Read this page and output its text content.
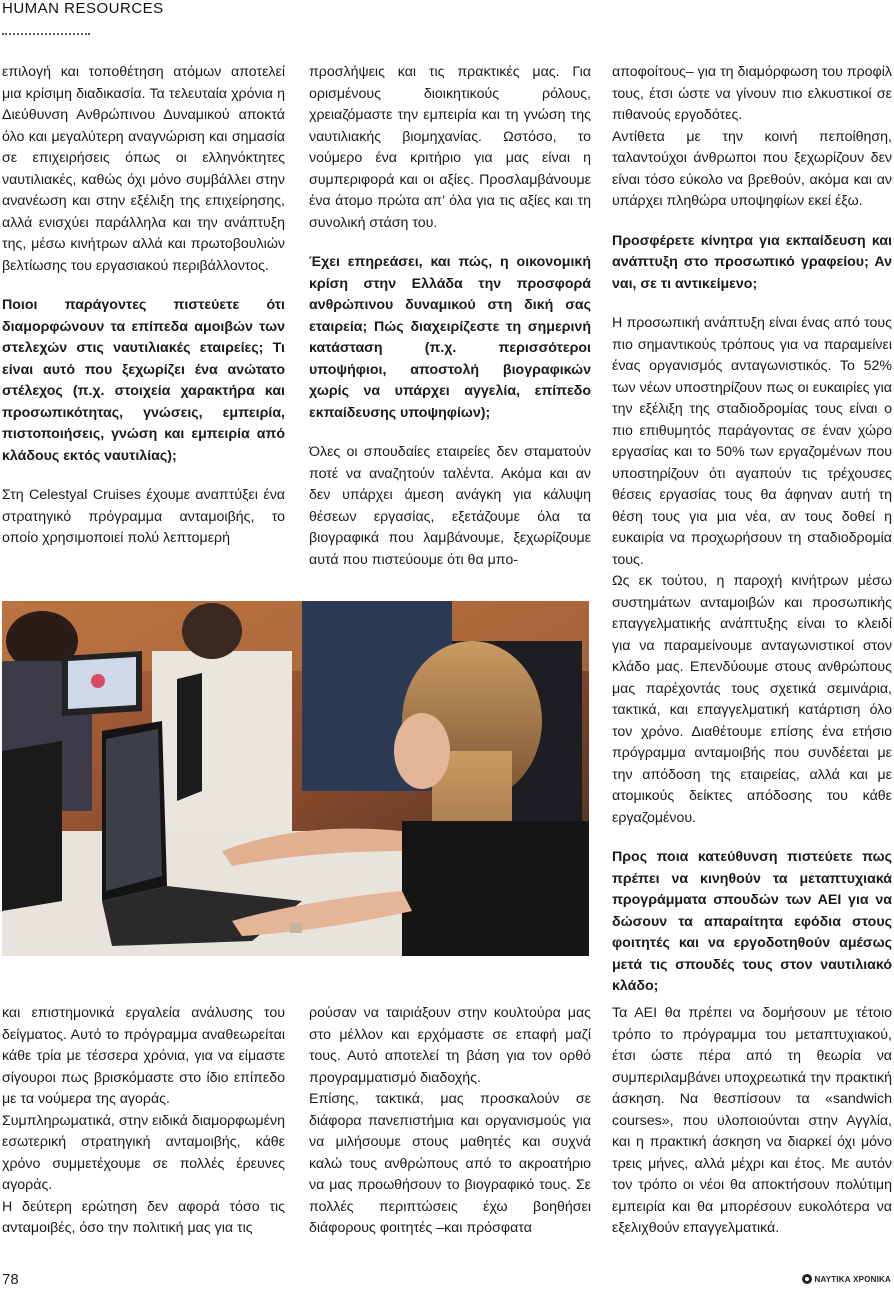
HUMAN RESOURCES

επιλογή και τοποθέτηση ατόμων αποτελεί μια κρίσιμη διαδικασία. Τα τελευταία χρόνια η Διεύθυνση Ανθρώπινου Δυναμικού αποκτά όλο και μεγαλύτερη αναγνώριση και σημασία σε επιχειρήσεις όπως οι ελληνόκτητες ναυτιλιακές, καθώς όχι μόνο συμβάλλει στην ανανέωση και στην εξέλιξη της επιχείρησης, αλλά ενισχύει παράλληλα και την ανάπτυξη της, μέσω κινήτρων αλλά και πρωτοβουλιών βελτίωσης του εργασιακού περιβάλλοντος.

Ποιοι παράγοντες πιστεύετε ότι διαμορφώνουν τα επίπεδα αμοιβών των στελεχών στις ναυτιλιακές εταιρείες; Τι είναι αυτό που ξεχωρίζει ένα ανώτατο στέλεχος (π.χ. στοιχεία χαρακτήρα και προσωπικότητας, γνώσεις, εμπειρία, πιστοποιήσεις, γνώση και εμπειρία από κλάδους εκτός ναυτιλίας);

Στη Celestyal Cruises έχουμε αναπτύξει ένα στρατηγικό πρόγραμμα ανταμοιβής, το οποίο χρησιμοποιεί πολύ λεπτομερή

προσλήψεις και τις πρακτικές μας. Για ορισμένους διοικητικούς ρόλους, χρειαζόμαστε την εμπειρία και τη γνώση της ναυτιλιακής βιομηχανίας. Ωστόσο, το νούμερο ένα κριτήριο για μας είναι η συμπεριφορά και οι αξίες. Προσλαμβάνουμε ένα άτομο πρώτα απ’ όλα για τις αξίες και τη συνολική στάση του.

Έχει επηρεάσει, και πώς, η οικονομική κρίση στην Ελλάδα την προσφορά ανθρώπινου δυναμικού στη δική σας εταιρεία; Πώς διαχειρίζεστε τη σημερινή κατάσταση (π.χ. περισσότεροι υποψήφιοι, αποστολή βιογραφικών χωρίς να υπάρχει αγγελία, επίπεδο εκπαίδευσης υποψηφίων);

Όλες οι σπουδαίες εταιρείες δεν σταματούν ποτέ να αναζητούν ταλέντα. Ακόμα και αν δεν υπάρχει άμεση ανάγκη για κάλυψη θέσεων εργασίας, εξετάζουμε όλα τα βιογραφικά που λαμβάνουμε, ξεχωρίζουμε αυτά που πιστεύουμε ότι θα μπο-

αποφοίτους– για τη διαμόρφωση του προφίλ τους, έτσι ώστε να γίνουν πιο ελκυστικοί σε πιθανούς εργοδότες.

Αντίθετα με την κοινή πεποίθηση, ταλαντούχοι άνθρωποι που ξεχωρίζουν δεν είναι τόσο εύκολο να βρεθούν, ακόμα και αν υπάρχει πληθώρα υποψηφίων εκεί έξω.

Προσφέρετε κίνητρα για εκπαίδευση και ανάπτυξη στο προσωπικό γραφείου; Αν ναι, σε τι αντικείμενο;

Η προσωπική ανάπτυξη είναι ένας από τους πιο σημαντικούς τρόπους για να παραμείνει ένας οργανισμός ανταγωνιστικός. Το 52% των νέων υποστηρίζουν πως οι ευκαιρίες για την εξέλιξη της σταδιοδρομίας τους είναι ο πιο επιθυμητός παράγοντας σε έναν χώρο εργασίας και το 50% των εργαζομένων που υποστηρίζουν ότι αγαπούν τις τρέχουσες θέσεις εργασίας τους θα άφηναν αυτή τη θέση τους για μια νέα, αν τους δοθεί η ευκαιρία να προχωρήσουν τη σταδιοδρομία τους.

Ως εκ τούτου, η παροχή κινήτρων μέσω συστημάτων ανταμοιβών και προσωπικής επαγγελματικής ανάπτυξης είναι το κλειδί για να παραμείνουμε ανταγωνιστικοί στον κλάδο μας. Επενδύουμε στους ανθρώπους μας παρέχοντάς τους σχετικά σεμινάρια, τακτικά, και επαγγελματική κατάρτιση όλο τον χρόνο. Διαθέτουμε επίσης ένα ετήσιο πρόγραμμα ανταμοιβής που συνδέεται με την απόδοση της εταιρείας, αλλά και με ατομικούς δείκτες απόδοσης του κάθε εργαζομένου.

Προς ποια κατεύθυνση πιστεύετε πως πρέπει να κινηθούν τα μεταπτυχιακά προγράμματα σπουδών των ΑΕΙ για να δώσουν τα απαραίτητα εφόδια στους φοιτητές και να εργοδοτηθούν αμέσως μετά τις σπουδές τους στον ναυτιλιακό κλάδο;

και επιστημονικά εργαλεία ανάλυσης του δείγματος. Αυτό το πρόγραμμα αναθεωρείται κάθε τρία με τέσσερα χρόνια, για να είμαστε σίγουροι πως βρισκόμαστε στο ίδιο επίπεδο με τα νούμερα της αγοράς.

Συμπληρωματικά, στην ειδικά διαμορφωμένη εσωτερική στρατηγική ανταμοιβής, κάθε χρόνο συμμετέχουμε σε πολλές έρευνες αγοράς.

Η δεύτερη ερώτηση δεν αφορά τόσο τις ανταμοιβές, όσο την πολιτική μας για τις

ρούσαν να ταιριάξουν στην κουλτούρα μας στο μέλλον και ερχόμαστε σε επαφή μαζί τους. Αυτό αποτελεί τη βάση για τον ορθό προγραμματισμό διαδοχής.

Επίσης, τακτικά, μας προσκαλούν σε διάφορα πανεπιστήμια και οργανισμούς για να μιλήσουμε στους μαθητές και συχνά καλώ τους ανθρώπους από το ακροατήριο να μας προωθήσουν το βιογραφικό τους. Σε πολλές περιπτώσεις έχω βοηθήσει διάφορους φοιτητές –και πρόσφατα

Τα ΑΕΙ θα πρέπει να δομήσουν με τέτοιο τρόπο το πρόγραμμα του μεταπτυχιακού, έτσι ώστε πέρα από τη θεωρία να συμπεριλαμβάνει υποχρεωτικά την πρακτική άσκηση. Να θεσπίσουν τα «sandwich courses», που υλοποιούνται στην Αγγλία, και η πρακτική άσκηση να διαρκεί όχι μόνο τρεις μήνες, αλλά μέχρι και έτος. Με αυτόν τον τρόπο οι νέοι θα αποκτήσουν πολύτιμη εμπειρία και θα μπορέσουν ευκολότερα να εξελιχθούν επαγγελματικά.

78	ΝΑΥΤΙΚΑ ΧΡΟΝΙΚΑ
